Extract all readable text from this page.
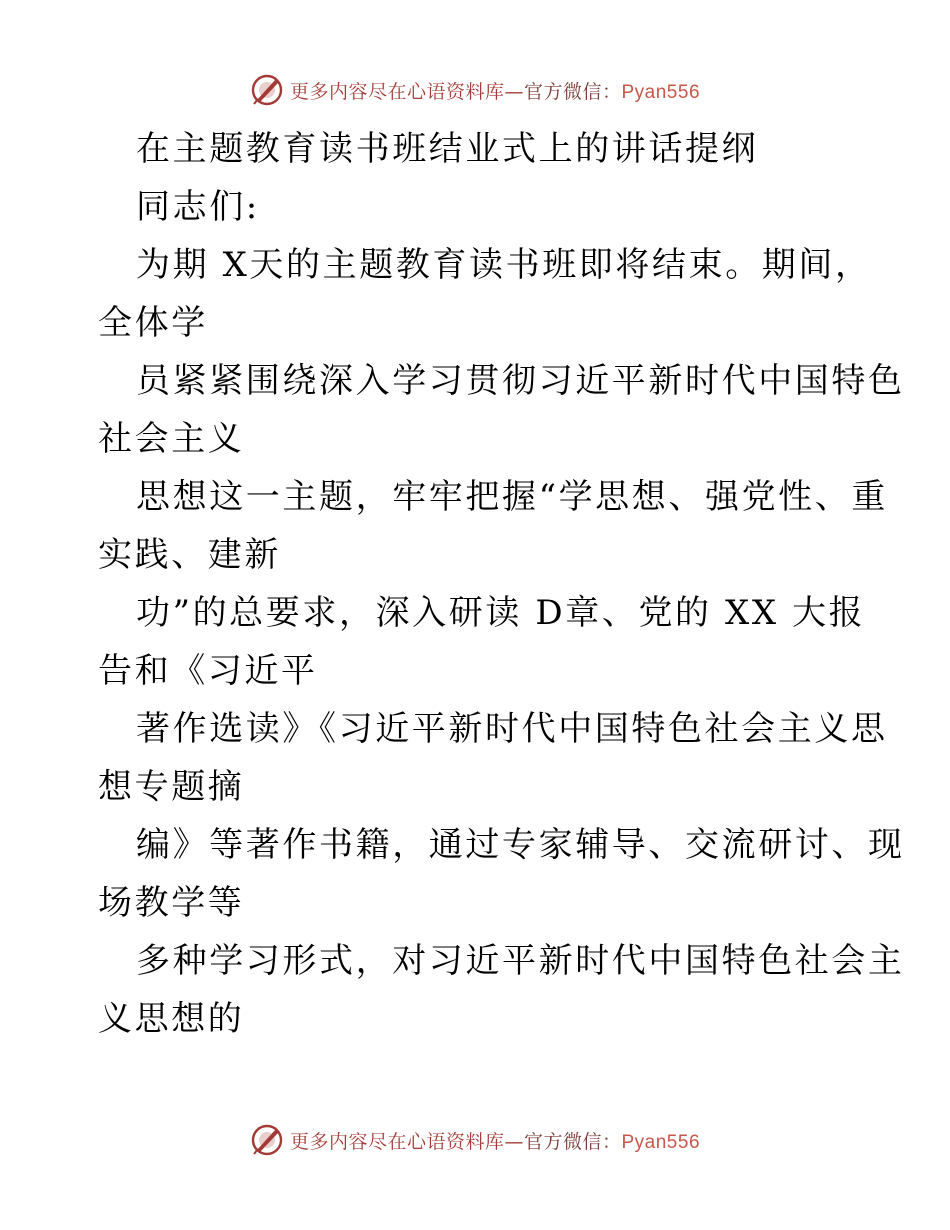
更多内容尽在心语资料库—官方微信：Pyan556
在主题教育读书班结业式上的讲话提纲
同志们:
为期 X天的主题教育读书班即将结束。期间，
全体学
员紧紧围绕深入学习贯彻习近平新时代中国特色
社会主义
思想这一主题，牢牢把握“学思想、强党性、重
实践、建新
功”的总要求，深入研读 D章、党的 XX 大报
告和《习近平
著作选读》《习近平新时代中国特色社会主义思
想专题摘
编》等著作书籍，通过专家辅导、交流研讨、现
场教学等
多种学习形式，对习近平新时代中国特色社会主
义思想的
更多内容尽在心语资料库—官方微信：Pyan556
